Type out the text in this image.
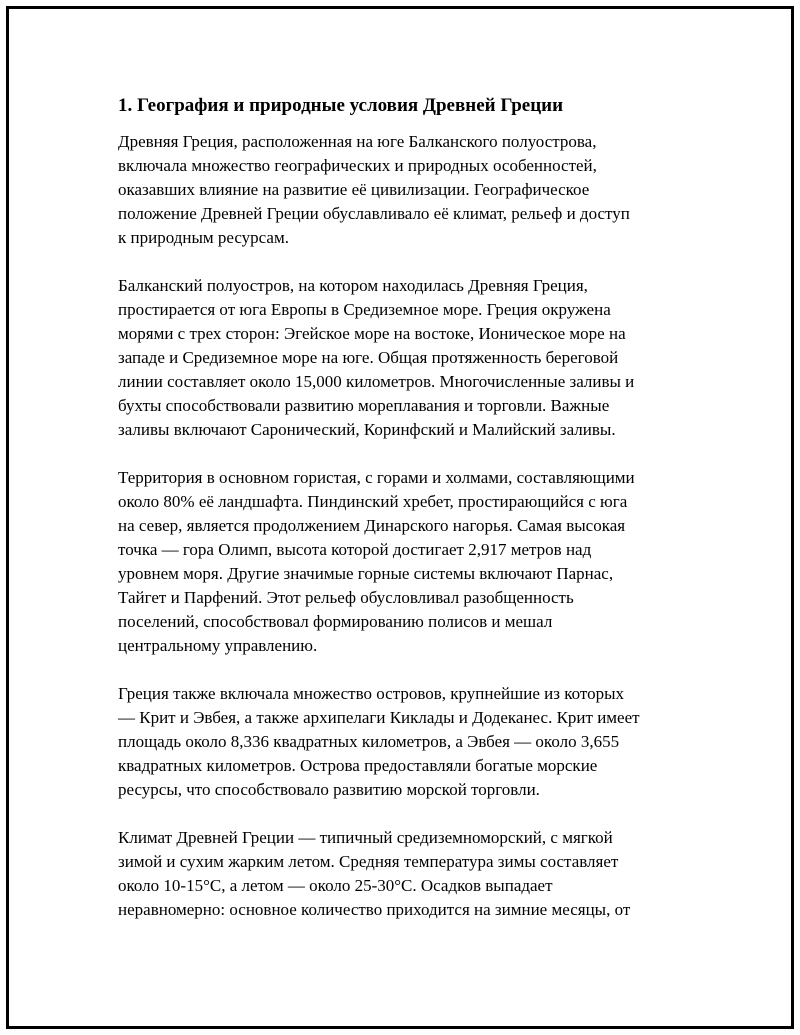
1. География и природные условия Древней Греции

Древняя Греция, расположенная на юге Балканского полуострова,
включала множество географических и природных особенностей,
оказавших влияние на развитие её цивилизации. Географическое
положение Древней Греции обуславливало её климат, рельеф и доступ
к природным ресурсам.

Балканский полуостров, на котором находилась Древняя Греция,
простирается от юга Европы в Средиземное море. Греция окружена
морями с трех сторон: Эгейское море на востоке, Ионическое море на
западе и Средиземное море на юге. Общая протяженность береговой
линии составляет около 15,000 километров. Многочисленные заливы и
бухты способствовали развитию мореплавания и торговли. Важные
заливы включают Саронический, Коринфский и Малийский заливы.

Территория в основном гористая, с горами и холмами, составляющими
около 80% её ландшафта. Пиндинский хребет, простирающийся с юга
на север, является продолжением Динарского нагорья. Самая высокая
точка — гора Олимп, высота которой достигает 2,917 метров над
уровнем моря. Другие значимые горные системы включают Парнас,
Тайгет и Парфений. Этот рельеф обусловливал разобщенность
поселений, способствовал формированию полисов и мешал
центральному управлению.

Греция также включала множество островов, крупнейшие из которых
— Крит и Эвбея, а также архипелаги Киклады и Додеканес. Крит имеет
площадь около 8,336 квадратных километров, а Эвбея — около 3,655
квадратных километров. Острова предоставляли богатые морские
ресурсы, что способствовало развитию морской торговли.

Климат Древней Греции — типичный средиземноморский, с мягкой
зимой и сухим жарким летом. Средняя температура зимы составляет
около 10-15°C, а летом — около 25-30°C. Осадков выпадает
неравномерно: основное количество приходится на зимние месяцы, от
